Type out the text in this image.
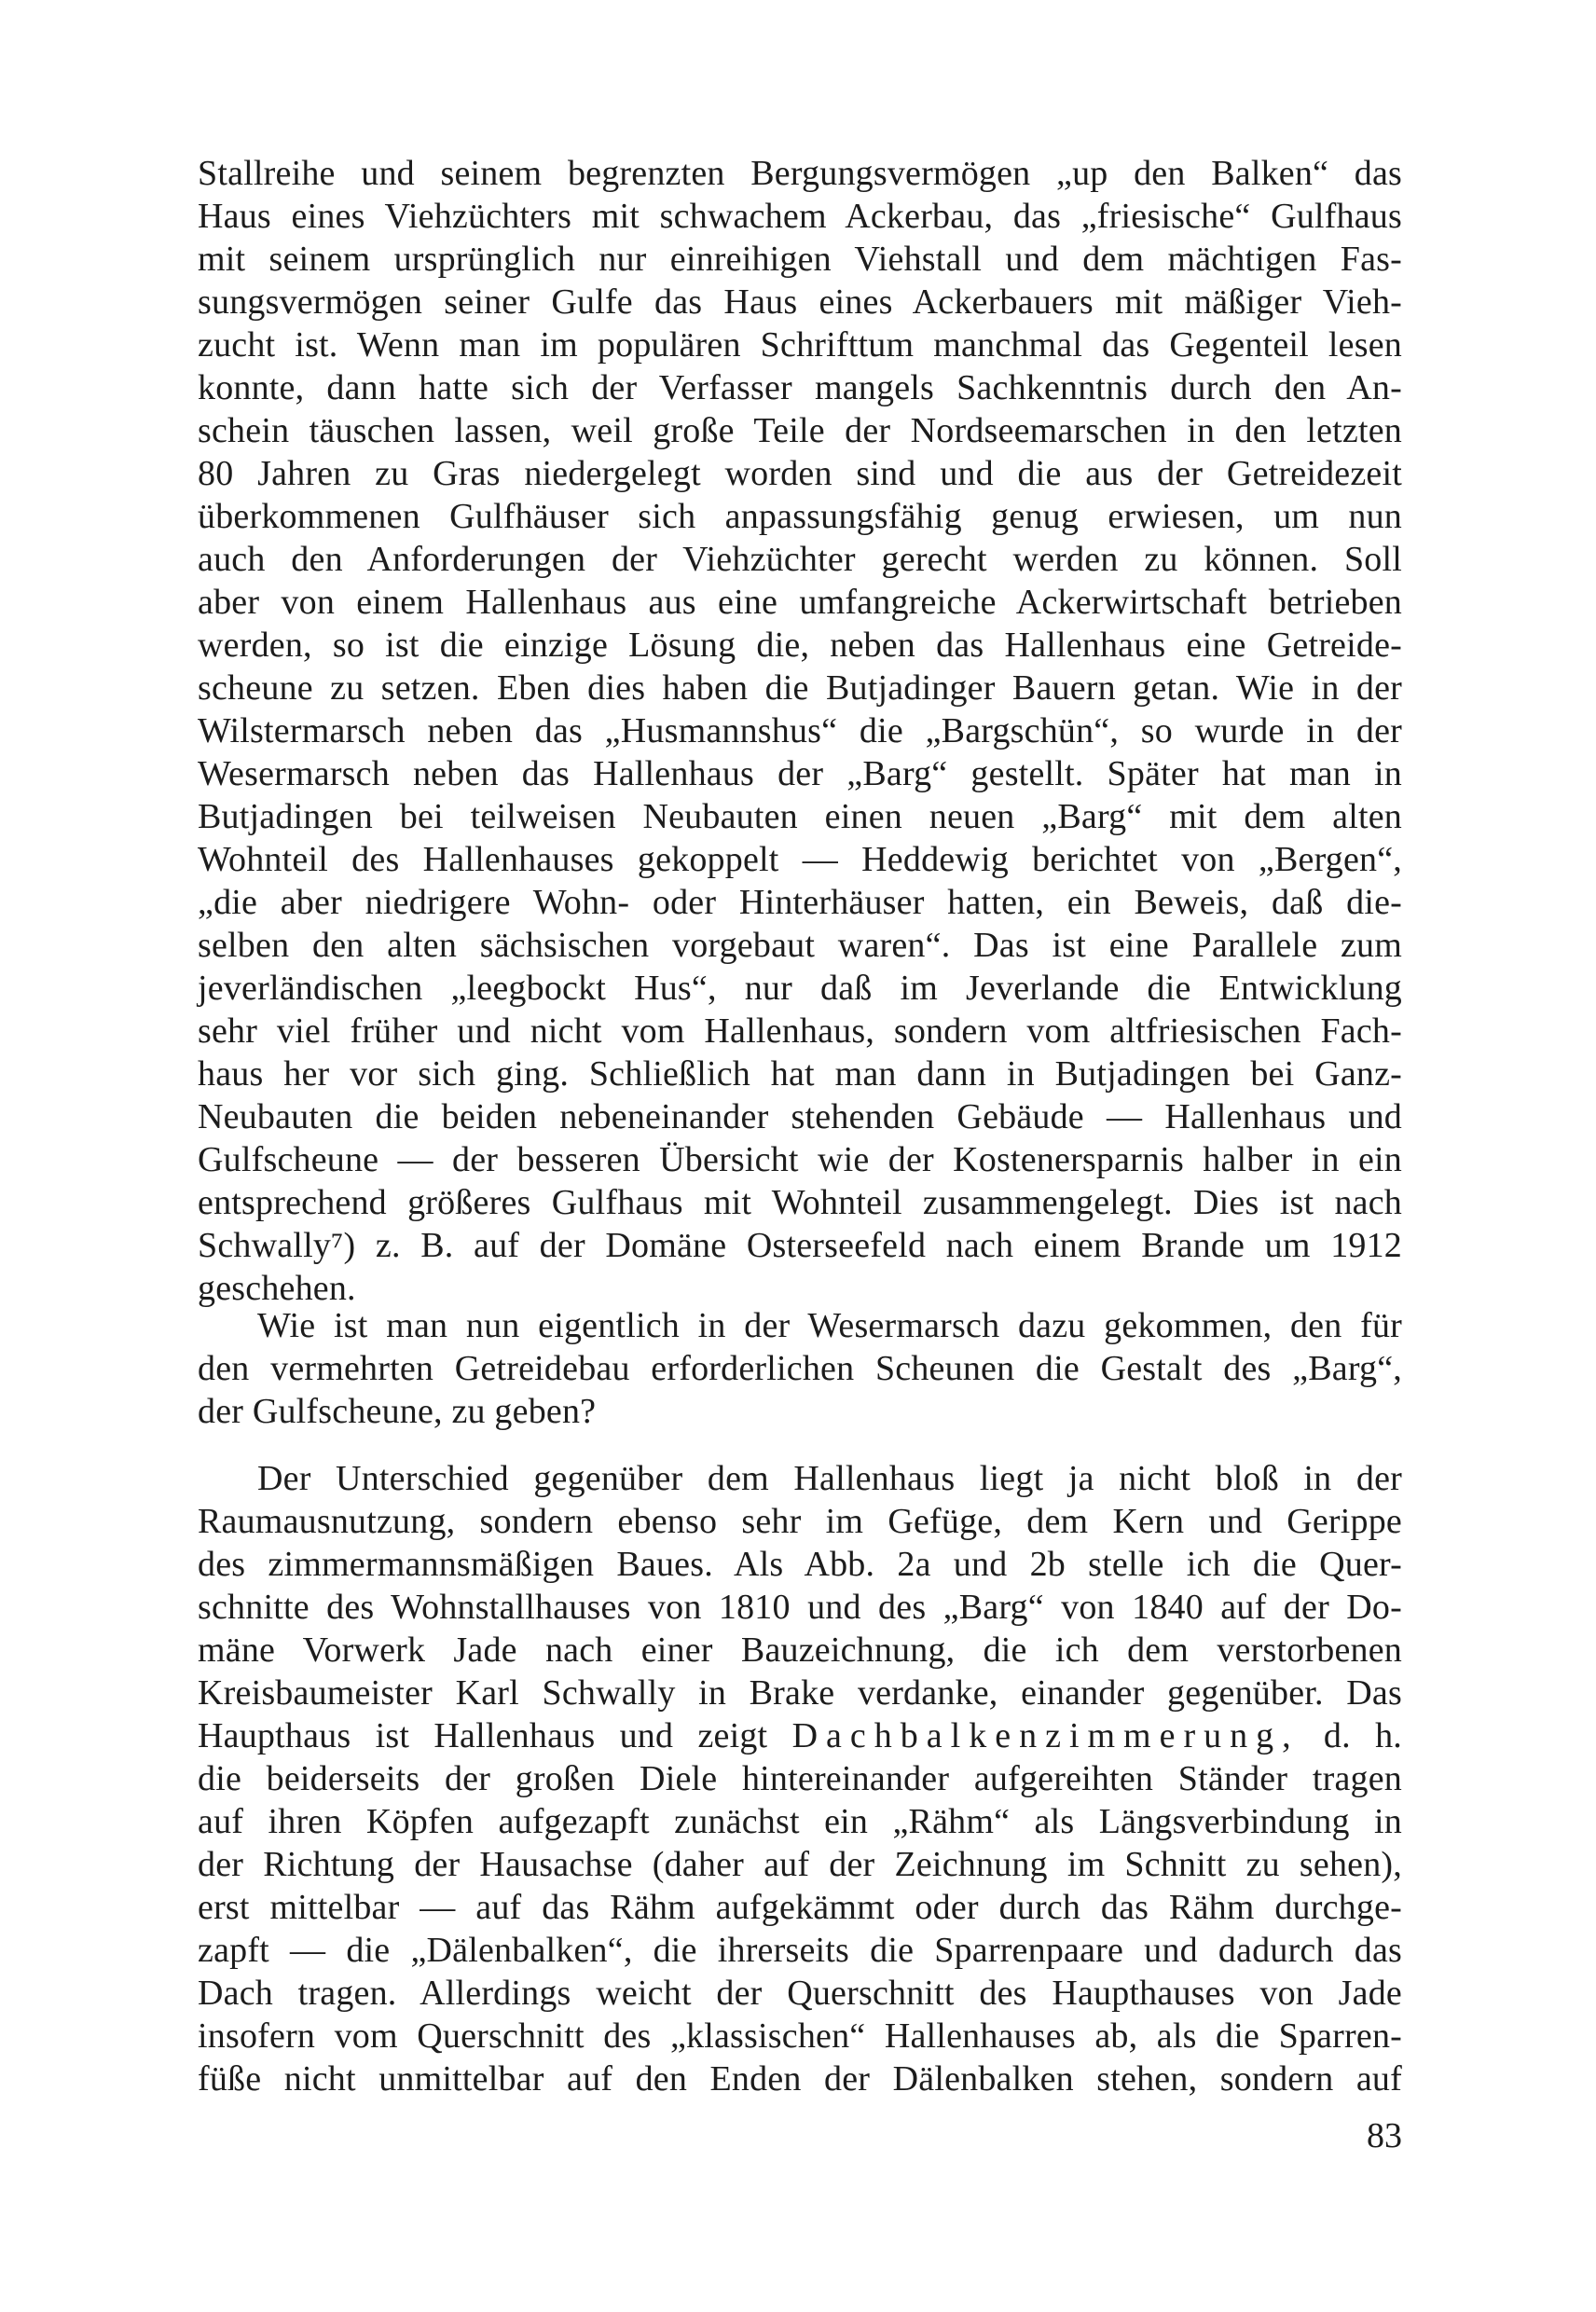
Stallreihe und seinem begrenzten Bergungsvermögen „up den Balken“ das
Haus eines Viehzüchters mit schwachem Ackerbau, das „friesische“ Gulfhaus
mit seinem ursprünglich nur einreihigen Viehstall und dem mächtigen Fas-
sungsvermögen seiner Gulfe das Haus eines Ackerbauers mit mäßiger Vieh-
zucht ist. Wenn man im populären Schrifttum manchmal das Gegenteil lesen
konnte, dann hatte sich der Verfasser mangels Sachkenntnis durch den An-
schein täuschen lassen, weil große Teile der Nordseemarschen in den letzten
80 Jahren zu Gras niedergelegt worden sind und die aus der Getreidezeit
überkommenen Gulfhäuser sich anpassungsfähig genug erwiesen, um nun
auch den Anforderungen der Viehzüchter gerecht werden zu können. Soll
aber von einem Hallenhaus aus eine umfangreiche Ackerwirtschaft betrieben
werden, so ist die einzige Lösung die, neben das Hallenhaus eine Getreide-
scheune zu setzen. Eben dies haben die Butjadinger Bauern getan. Wie in der
Wilstermarsch neben das „Husmannshus“ die „Bargschün“, so wurde in der
Wesermarsch neben das Hallenhaus der „Barg“ gestellt. Später hat man in
Butjadingen bei teilweisen Neubauten einen neuen „Barg“ mit dem alten
Wohnteil des Hallenhauses gekoppelt — Heddewig berichtet von „Bergen“,
„die aber niedrigere Wohn- oder Hinterhäuser hatten, ein Beweis, daß die-
selben den alten sächsischen vorgebaut waren“. Das ist eine Parallele zum
jeverländischen „leegbockt Hus“, nur daß im Jeverlande die Entwicklung
sehr viel früher und nicht vom Hallenhaus, sondern vom altfriesischen Fach-
haus her vor sich ging. Schließlich hat man dann in Butjadingen bei Ganz-
Neubauten die beiden nebeneinander stehenden Gebäude — Hallenhaus und
Gulfscheune — der besseren Übersicht wie der Kostenersparnis halber in ein
entsprechend größeres Gulfhaus mit Wohnteil zusammengelegt. Dies ist nach
Schwally⁷) z. B. auf der Domäne Osterseefeld nach einem Brande um 1912
geschehen.
Wie ist man nun eigentlich in der Wesermarsch dazu gekommen, den für
den vermehrten Getreidebau erforderlichen Scheunen die Gestalt des „Barg“,
der Gulfscheune, zu geben?
Der Unterschied gegenüber dem Hallenhaus liegt ja nicht bloß in der
Raumausnutzung, sondern ebenso sehr im Gefüge, dem Kern und Gerippe
des zimmermannsmäßigen Baues. Als Abb. 2a und 2b stelle ich die Quer-
schnitte des Wohnstallhauses von 1810 und des „Barg“ von 1840 auf der Do-
mäne Vorwerk Jade nach einer Bauzeichnung, die ich dem verstorbenen
Kreisbaumeister Karl Schwally in Brake verdanke, einander gegenüber. Das
Haupthaus ist Hallenhaus und zeigt Dachbalkenzimmerung, d. h.
die beiderseits der großen Diele hintereinander aufgereihten Ständer tragen
auf ihren Köpfen aufgezapft zunächst ein „Rähm“ als Längsverbindung in
der Richtung der Hausachse (daher auf der Zeichnung im Schnitt zu sehen),
erst mittelbar — auf das Rähm aufgekämmt oder durch das Rähm durchge-
zapft — die „Dälenbalken“, die ihrerseits die Sparrenpaare und dadurch das
Dach tragen. Allerdings weicht der Querschnitt des Haupthauses von Jade
insofern vom Querschnitt des „klassischen“ Hallenhauses ab, als die Sparren-
füße nicht unmittelbar auf den Enden der Dälenbalken stehen, sondern auf
83
